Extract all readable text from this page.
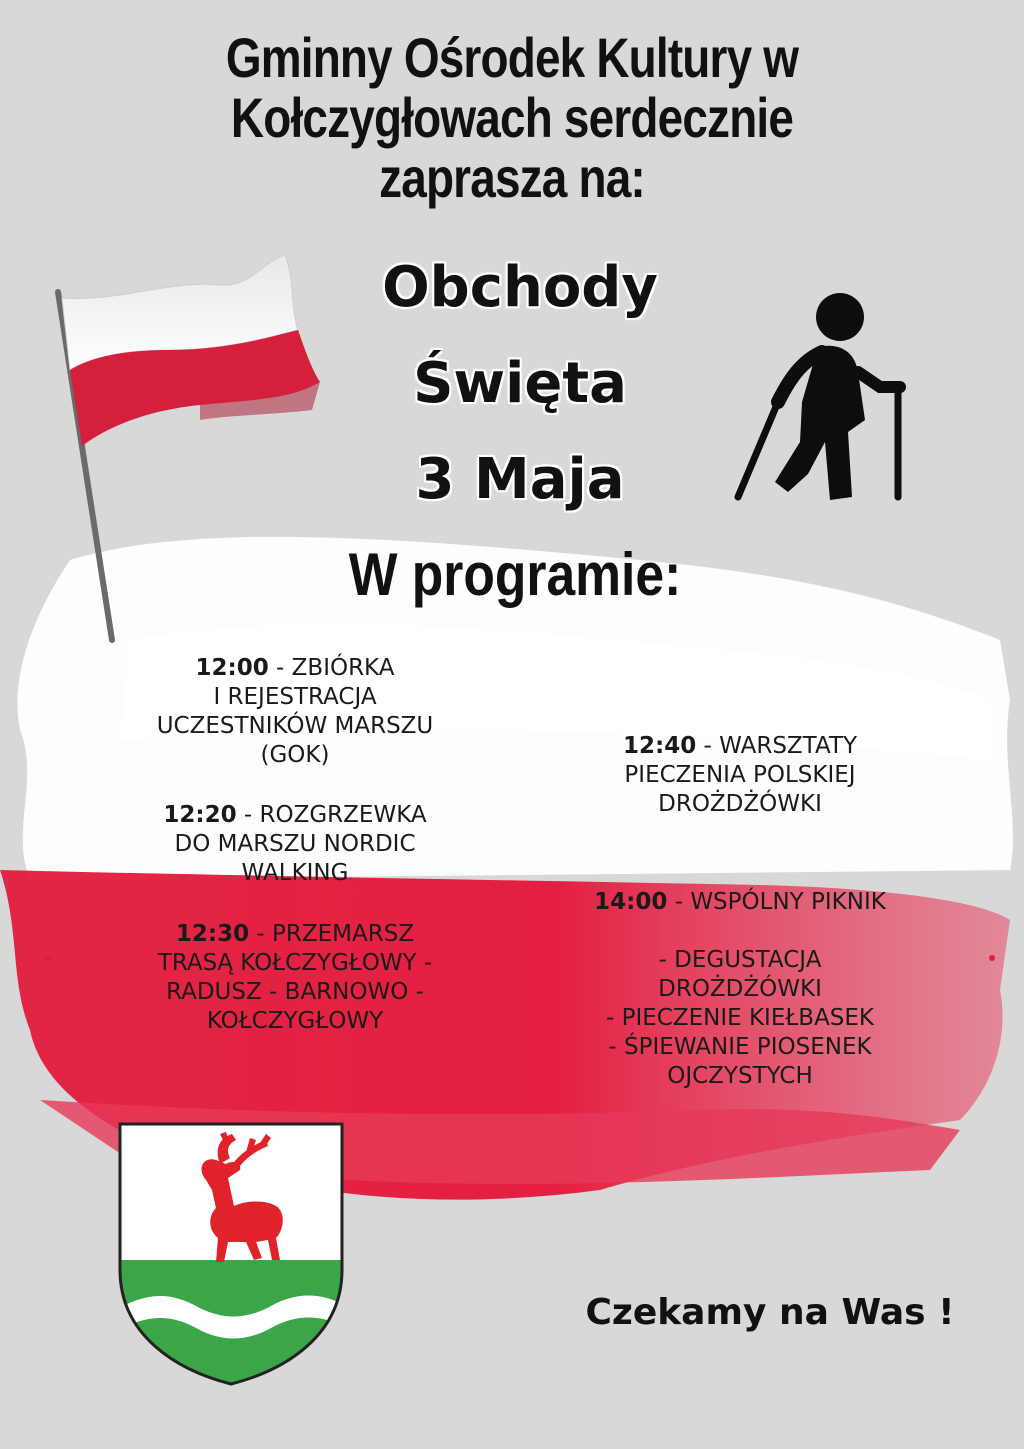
Gminny Ośrodek Kultury w
Kołczygłowach serdecznie
zaprasza na:
Obchody
Święta
3 Maja
W programie:
12:00 - ZBIÓRKA
I REJESTRACJA
UCZESTNIKÓW MARSZU
(GOK)
12:20 - ROZGRZEWKA
DO MARSZU NORDIC
WALKING
12:30 - PRZEMARSZ
TRASĄ KOŁCZYGŁOWY -
RADUSZ - BARNOWO -
KOŁCZYGŁOWY
12:40 - WARSZTATY
PIECZENIA POLSKIEJ
DROŻDŻÓWKI
14:00 - WSPÓLNY PIKNIK
- DEGUSTACJA
DROŻDŻÓWKI
- PIECZENIE KIEŁBASEK
- ŚPIEWANIE PIOSENEK
OJCZYSTYCH
Czekamy na Was !
